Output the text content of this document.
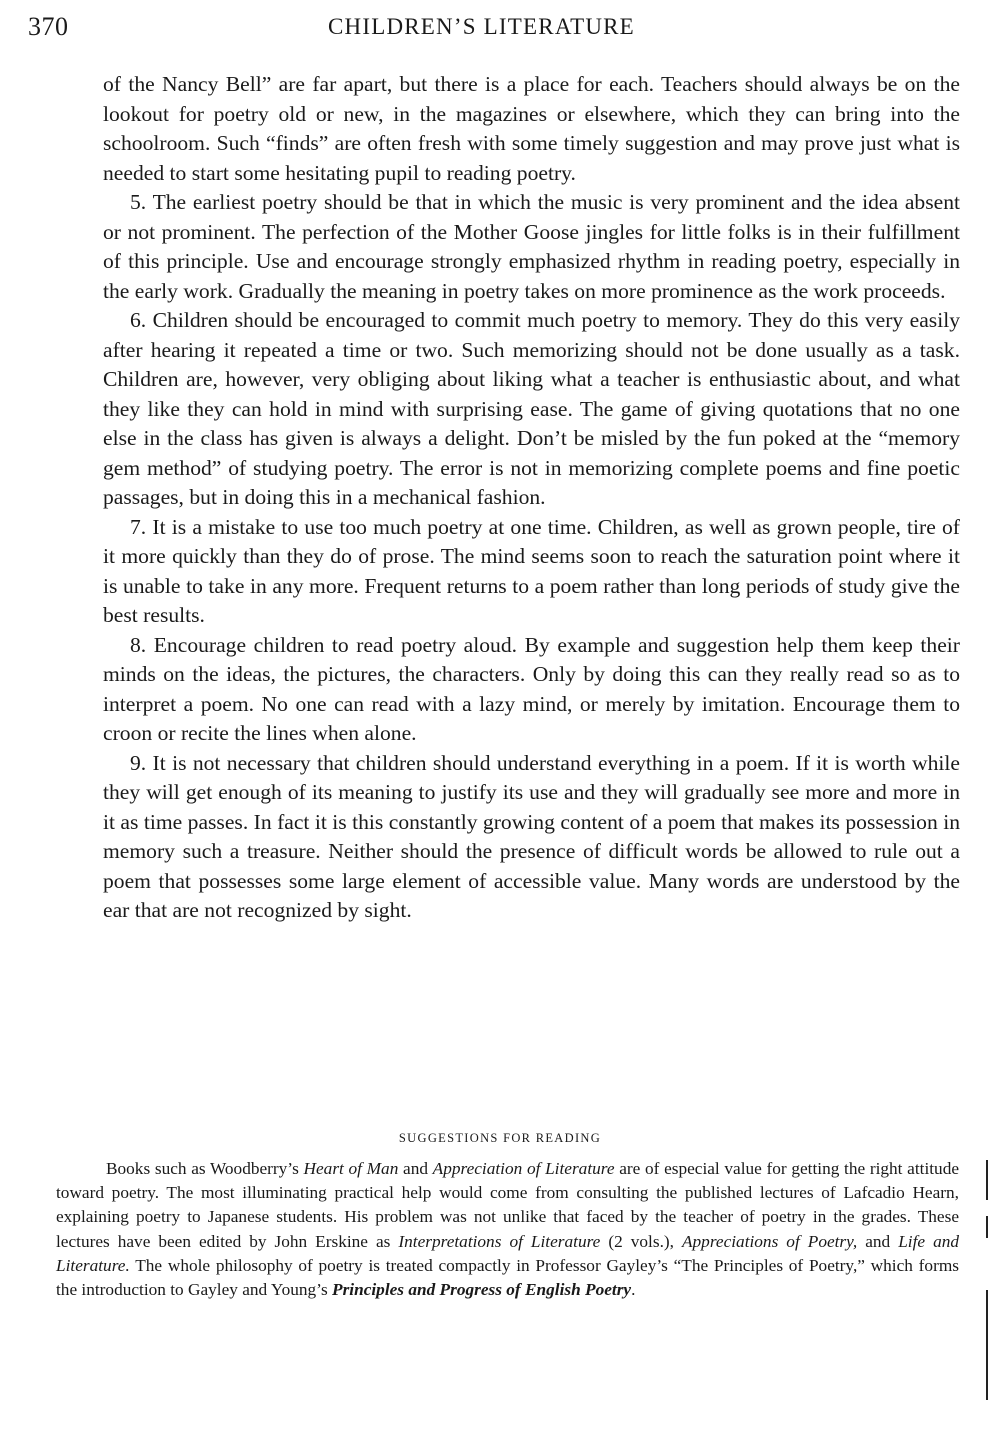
370	CHILDREN’S LITERATURE

of the Nancy Bell” are far apart, but there is a place for each. Teachers should always be on the lookout for poetry old or new, in the magazines or elsewhere, which they can bring into the schoolroom. Such “finds” are often fresh with some timely suggestion and may prove just what is needed to start some hesitating pupil to reading poetry.

5. The earliest poetry should be that in which the music is very prominent and the idea absent or not prominent. The perfection of the Mother Goose jingles for little folks is in their fulfillment of this principle. Use and encourage strongly emphasized rhythm in reading poetry, especially in the early work. Gradually the meaning in poetry takes on more prominence as the work proceeds.

6. Children should be encouraged to commit much poetry to memory. They do this very easily after hearing it repeated a time or two. Such memorizing should not be done usually as a task. Children are, however, very obliging about liking what a teacher is enthusiastic about, and what they like they can hold in mind with surprising ease. The game of giving quotations that no one else in the class has given is always a delight. Don’t be misled by the fun poked at the “memory gem method” of studying poetry. The error is not in memorizing complete poems and fine poetic passages, but in doing this in a mechanical fashion.

7. It is a mistake to use too much poetry at one time. Children, as well as grown people, tire of it more quickly than they do of prose. The mind seems soon to reach the saturation point where it is unable to take in any more. Frequent returns to a poem rather than long periods of study give the best results.

8. Encourage children to read poetry aloud. By example and suggestion help them keep their minds on the ideas, the pictures, the characters. Only by doing this can they really read so as to interpret a poem. No one can read with a lazy mind, or merely by imitation. Encourage them to croon or recite the lines when alone.

9. It is not necessary that children should understand everything in a poem. If it is worth while they will get enough of its meaning to justify its use and they will gradually see more and more in it as time passes. In fact it is this constantly growing content of a poem that makes its possession in memory such a treasure. Neither should the presence of difficult words be allowed to rule out a poem that possesses some large element of accessible value. Many words are understood by the ear that are not recognized by sight.

SUGGESTIONS FOR READING
Books such as Woodberry’s Heart of Man and Appreciation of Literature are of especial value for getting the right attitude toward poetry. The most illuminating practical help would come from consulting the published lectures of Lafcadio Hearn, explaining poetry to Japanese students. His problem was not unlike that faced by the teacher of poetry in the grades. These lectures have been edited by John Erskine as Interpretations of Literature (2 vols.), Appreciations of Poetry, and Life and Literature. The whole philosophy of poetry is treated compactly in Professor Gayley’s “The Principles of Poetry,” which forms the introduction to Gayley and Young’s Principles and Progress of English Poetry.
